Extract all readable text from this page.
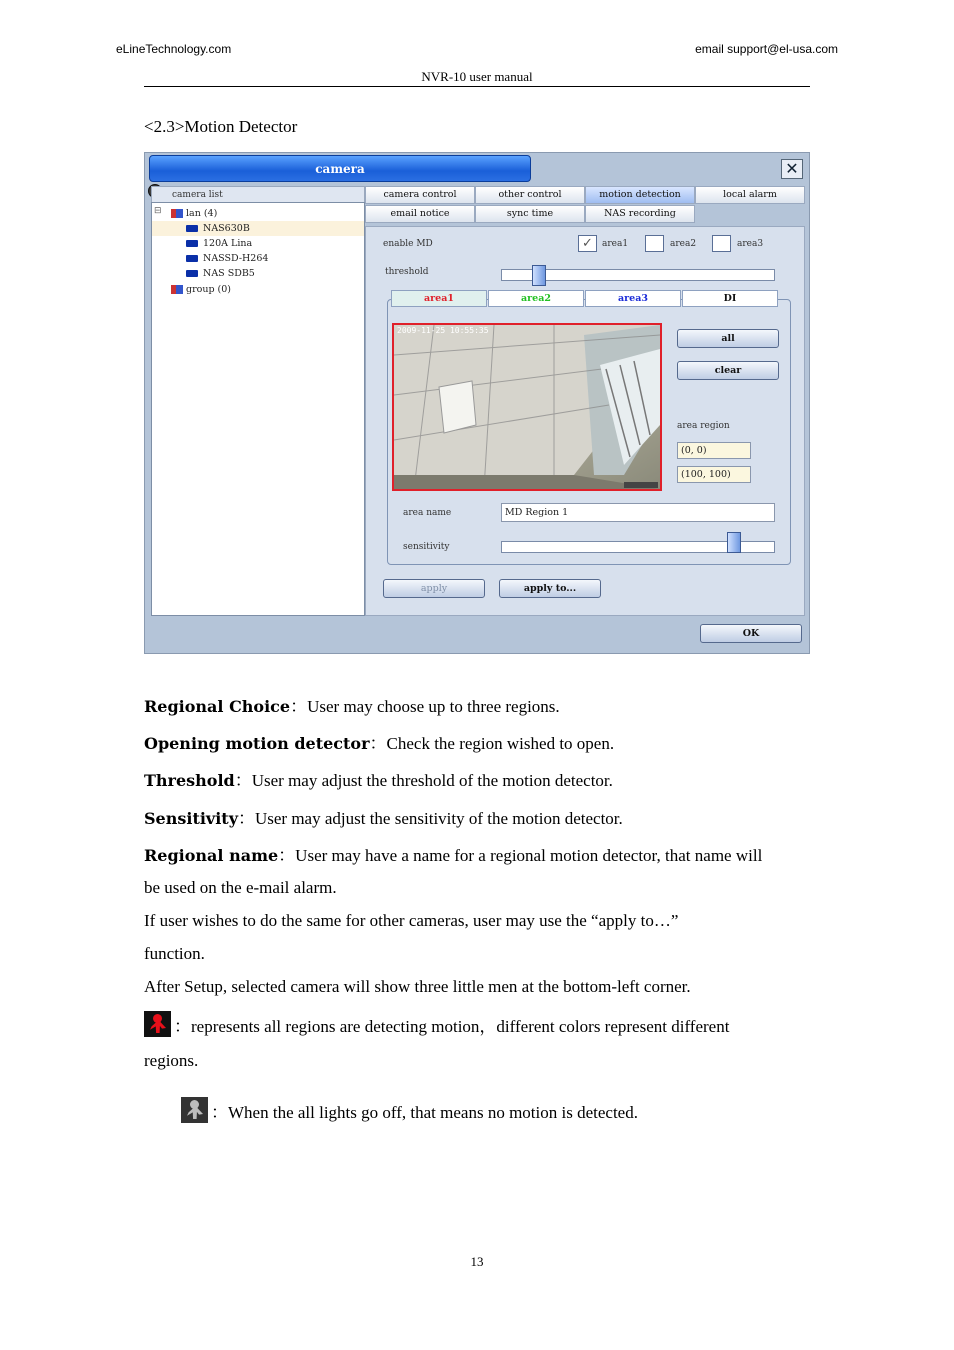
eLineTechnology.com	email support@el-usa.com
NVR-10 user manual
<2.3>Motion Detector
camera	✕
camera list
⊟	lan (4)
NAS630B
120A Lina
NASSD-H264
NAS SDB5
group (0)
camera control	other control	motion detection	local alarm
email notice	sync time	NAS recording
enable MD	✓	area1	area2	area3
threshold
area1	area2	area3	DI
2009-11-25 10:55:35
all
clear
area region
(0, 0)
(100, 100)
area name	MD Region 1
sensitivity
apply	apply to...
OK
Regional Choice：User may choose up to three regions.
Opening motion detector：Check the region wished to open.
Threshold：User may adjust the threshold of the motion detector.
Sensitivity：User may adjust the sensitivity of the motion detector.
Regional name：User may have a name for a regional motion detector, that name will
be used on the e-mail alarm.
If user wishes to do the same for other cameras, user may use the “apply to…”
function.
After Setup, selected camera will show three little men at the bottom-left corner.
：represents all regions are detecting motion，different colors represent different
regions.
：When the all lights go off, that means no motion is detected.
13
